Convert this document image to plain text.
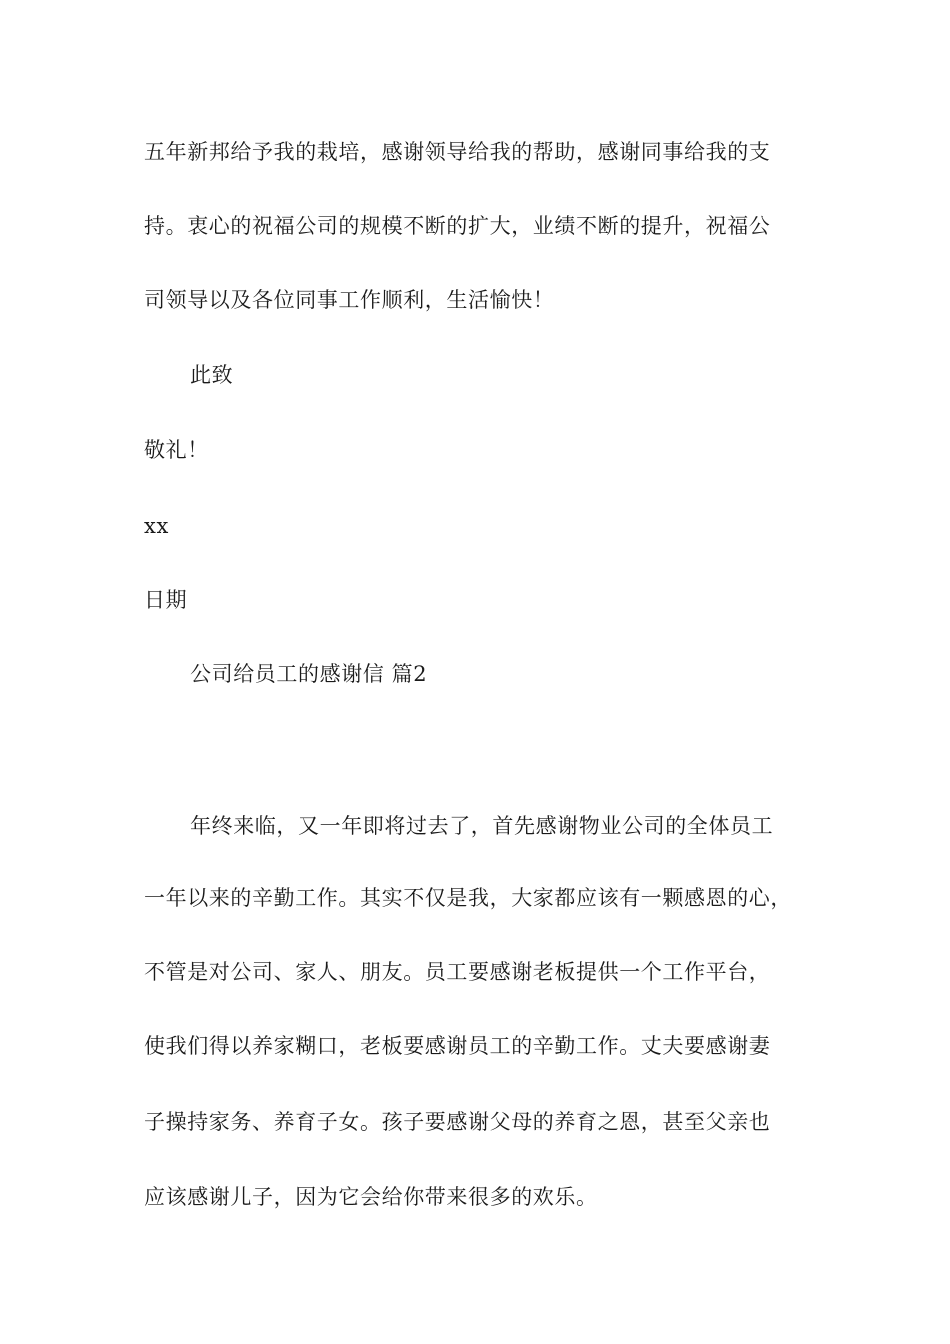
五年新邦给予我的栽培，感谢领导给我的帮助，感谢同事给我的支
持。衷心的祝福公司的规模不断的扩大，业绩不断的提升，祝福公
司领导以及各位同事工作顺利，生活愉快！
此致
敬礼！
xx
日期
公司给员工的感谢信 篇2
年终来临，又一年即将过去了，首先感谢物业公司的全体员工
一年以来的辛勤工作。其实不仅是我，大家都应该有一颗感恩的心，
不管是对公司、家人、朋友。员工要感谢老板提供一个工作平台，
使我们得以养家糊口，老板要感谢员工的辛勤工作。丈夫要感谢妻
子操持家务、养育子女。孩子要感谢父母的养育之恩，甚至父亲也
应该感谢儿子，因为它会给你带来很多的欢乐。
